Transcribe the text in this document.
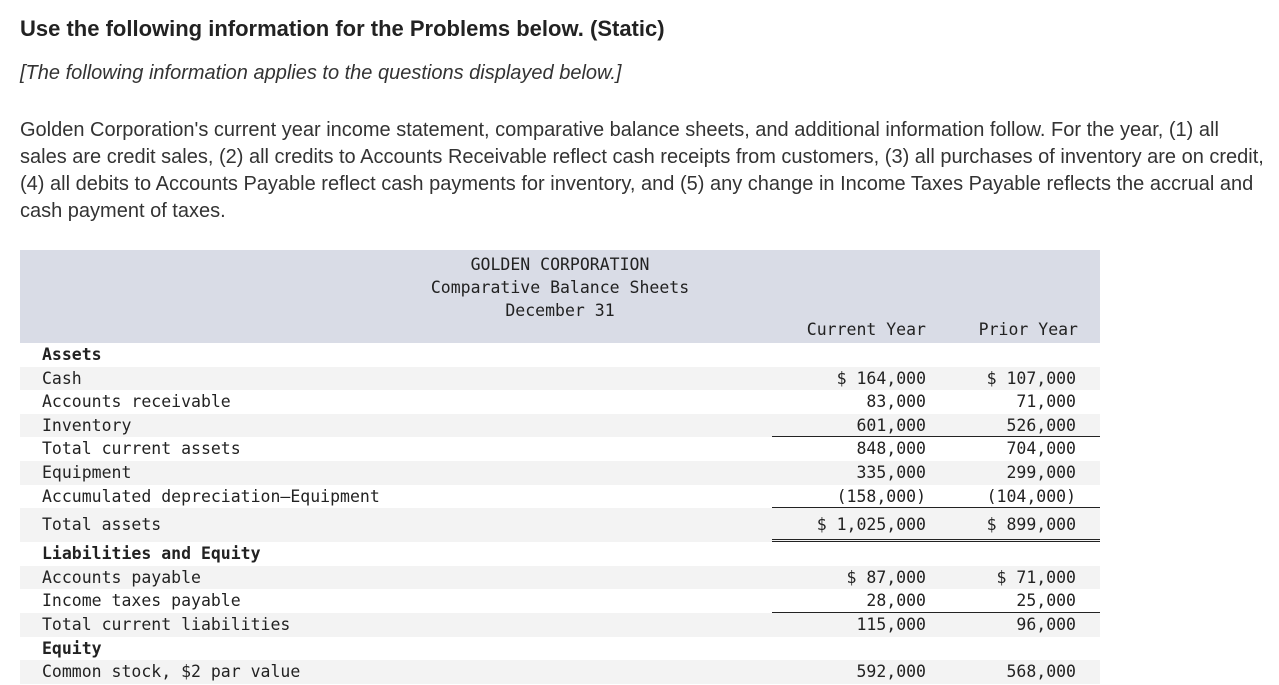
Use the following information for the Problems below. (Static)
[The following information applies to the questions displayed below.]
Golden Corporation's current year income statement, comparative balance sheets, and additional information follow. For the year, (1) all sales are credit sales, (2) all credits to Accounts Receivable reflect cash receipts from customers, (3) all purchases of inventory are on credit, (4) all debits to Accounts Payable reflect cash payments for inventory, and (5) any change in Income Taxes Payable reflects the accrual and cash payment of taxes.
GOLDEN CORPORATION
Comparative Balance Sheets
December 31
Current Year	Prior Year
Assets
Cash	$ 164,000	$ 107,000
Accounts receivable	83,000	71,000
Inventory	601,000	526,000
Total current assets	848,000	704,000
Equipment	335,000	299,000
Accumulated depreciation—Equipment	(158,000)	(104,000)
Total assets	$ 1,025,000	$ 899,000
Liabilities and Equity
Accounts payable	$ 87,000	$ 71,000
Income taxes payable	28,000	25,000
Total current liabilities	115,000	96,000
Equity
Common stock, $2 par value	592,000	568,000
